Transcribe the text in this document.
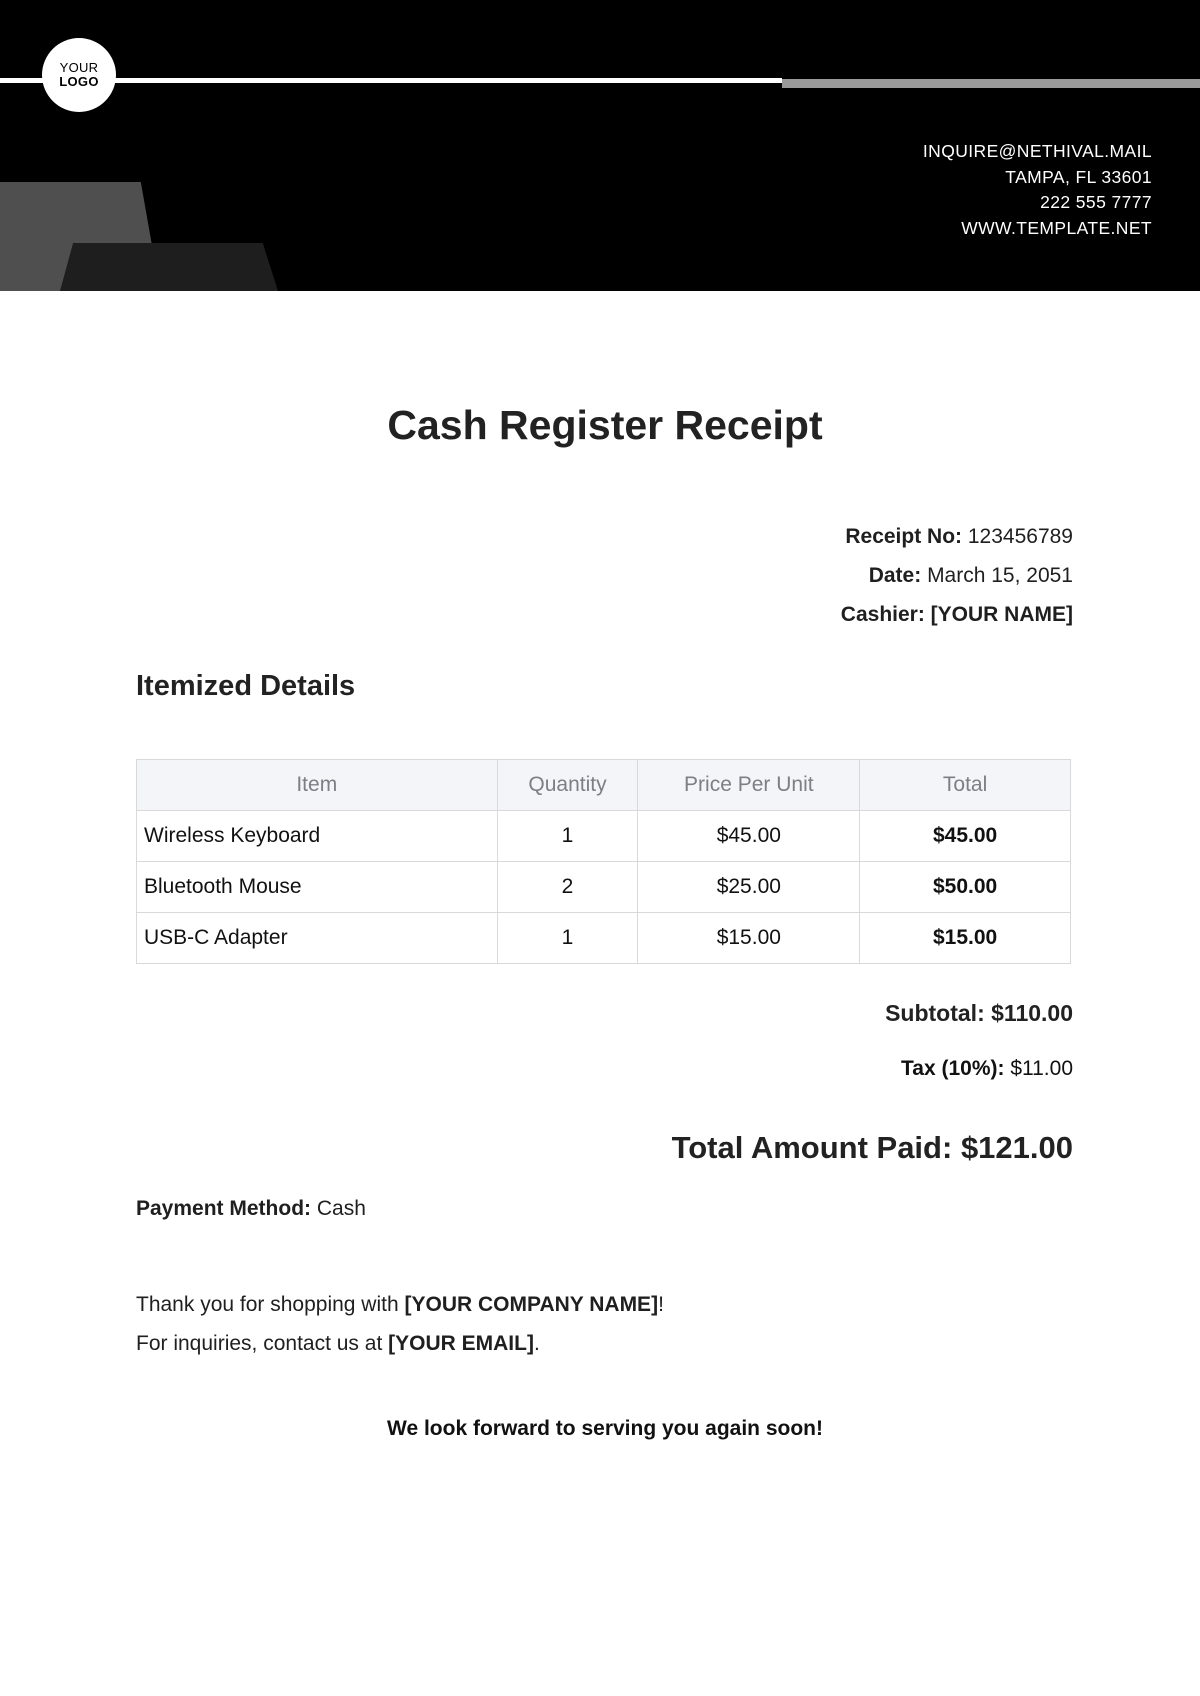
YOUR
LOGO
INQUIRE@NETHIVAL.MAIL
TAMPA, FL 33601
222 555 7777
WWW.TEMPLATE.NET
Cash Register Receipt
Receipt No: 123456789
Date: March 15, 2051
Cashier: [YOUR NAME]
Itemized Details
Item	Quantity	Price Per Unit	Total
Wireless Keyboard	1	$45.00	$45.00
Bluetooth Mouse	2	$25.00	$50.00
USB-C Adapter	1	$15.00	$15.00
Subtotal: $110.00
Tax (10%): $11.00
Total Amount Paid: $121.00
Payment Method: Cash
Thank you for shopping with [YOUR COMPANY NAME]!
For inquiries, contact us at [YOUR EMAIL].
We look forward to serving you again soon!
